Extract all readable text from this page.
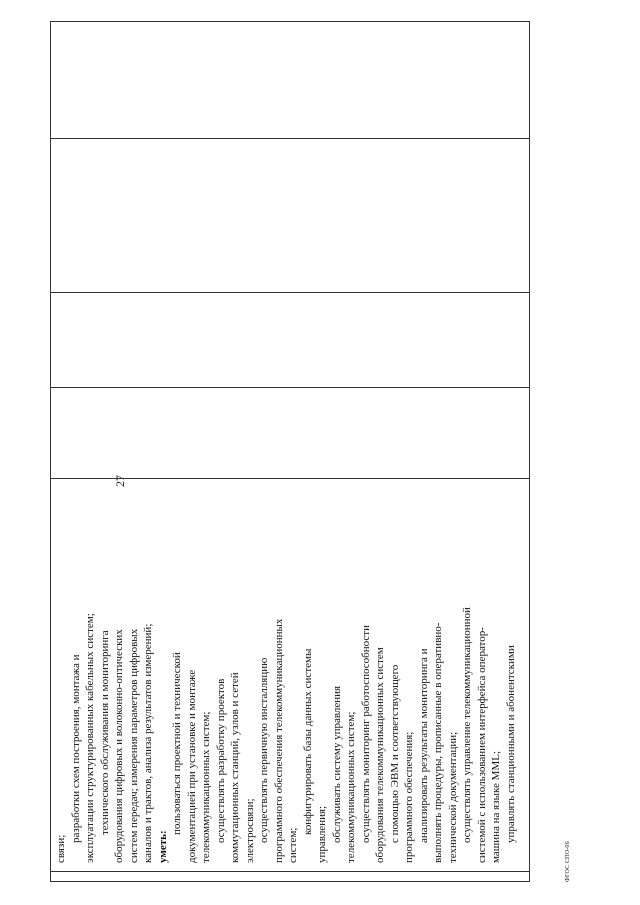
27

связи;
разработки схем построения, монтажа и эксплуатации структурированных кабельных систем; технического обслуживания и мониторинга оборудования цифровых и волоконно-оптических систем передач; измерения параметров цифровых каналов и трактов, анализа результатов измерений; уметь:
пользоваться проектной и технической документацией при установке и монтаже телекоммуникационных систем; осуществлять разработку проектов коммутационных станций, узлов и сетей электросвязи; осуществлять первичную инсталляцию программного обеспечения телекоммуникационных систем;
конфигурировать базы данных системы управления; обслуживать систему управления телекоммуникационных систем; осуществлять мониторинг работоспособности оборудования телекоммуникационных систем с помощью ЭВМ и соответствующего программного обеспечения; анализировать результаты мониторинга и выполнять процедуры, прописанные в оперативно- технической документации; осуществлять управление телекоммуникационной системой с использованием интерфейса оператор- машина на языке MML; управлять станционными и абонентскими

ФГОС СПО-06
